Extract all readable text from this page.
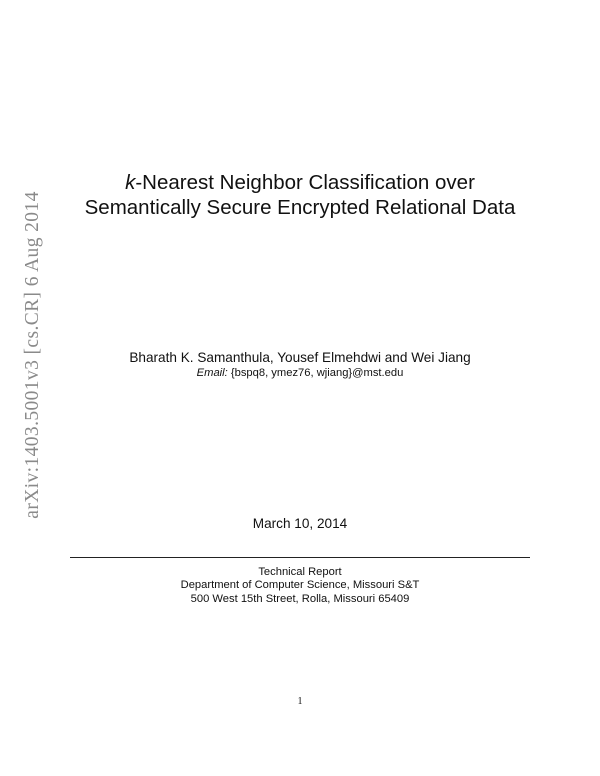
arXiv:1403.5001v3 [cs.CR] 6 Aug 2014
k-Nearest Neighbor Classification over
Semantically Secure Encrypted Relational Data
Bharath K. Samanthula, Yousef Elmehdwi and Wei Jiang
Email: {bspq8, ymez76, wjiang}@mst.edu
March 10, 2014
Technical Report
Department of Computer Science, Missouri S&T
500 West 15th Street, Rolla, Missouri 65409
1
